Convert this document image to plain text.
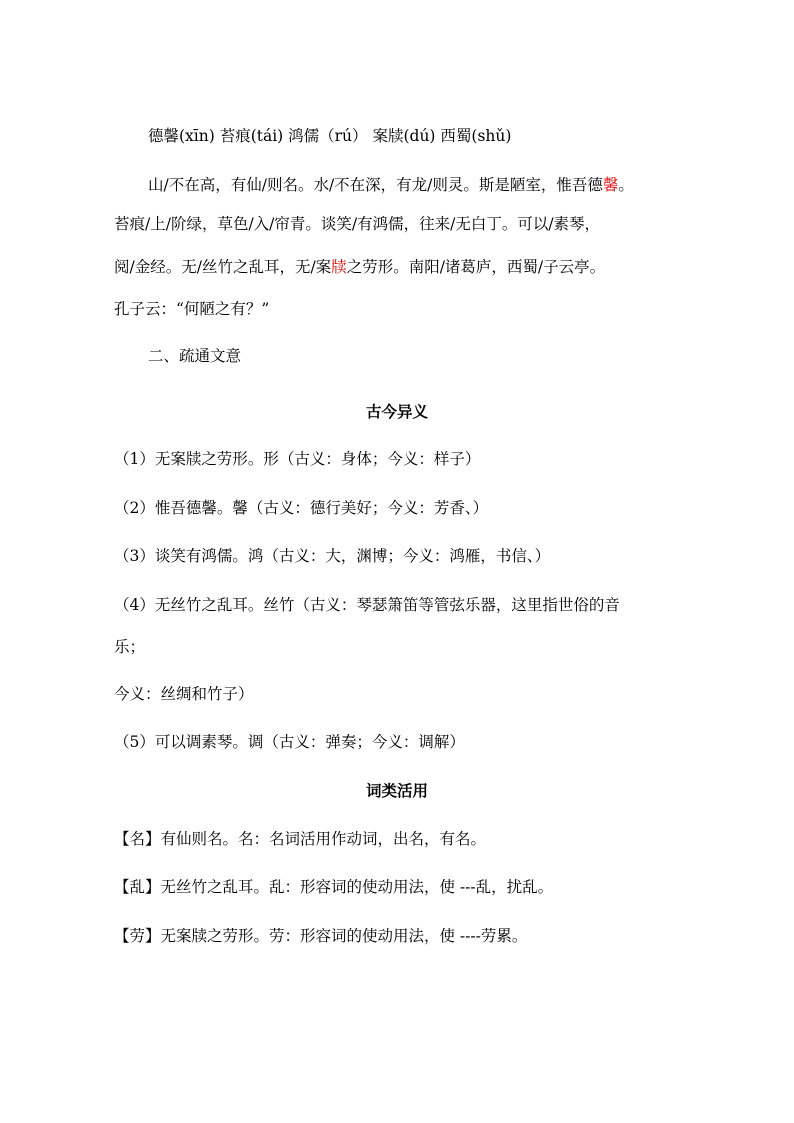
德馨(xīn) 苔痕(tái) 鸿儒（rú） 案牍(dú) 西蜀(shǔ)
山/不在高，有仙/则名。水/不在深，有龙/则灵。斯是陋室，惟吾德馨。
苔痕/上/阶绿，草色/入/帘青。谈笑/有鸿儒，往来/无白丁。可以/素琴，
阅/金经。无/丝竹之乱耳，无/案牍之劳形。南阳/诸葛庐，西蜀/子云亭。
孔子云：“何陋之有？”
二、疏通文意
古今异义
（1）无案牍之劳形。形（古义：身体；今义：样子）
（2）惟吾德馨。馨（古义：德行美好；今义：芳香、）
（3）谈笑有鸿儒。鸿（古义：大，渊博；今义：鸿雁，书信、）
（4）无丝竹之乱耳。丝竹（古义：琴瑟箫笛等管弦乐器，这里指世俗的音
乐；
今义：丝绸和竹子）
（5）可以调素琴。调（古义：弹奏；今义：调解）
词类活用
【名】有仙则名。名：名词活用作动词，出名，有名。
【乱】无丝竹之乱耳。乱：形容词的使动用法，使 ---乱，扰乱。
【劳】无案牍之劳形。劳：形容词的使动用法，使 ----劳累。
